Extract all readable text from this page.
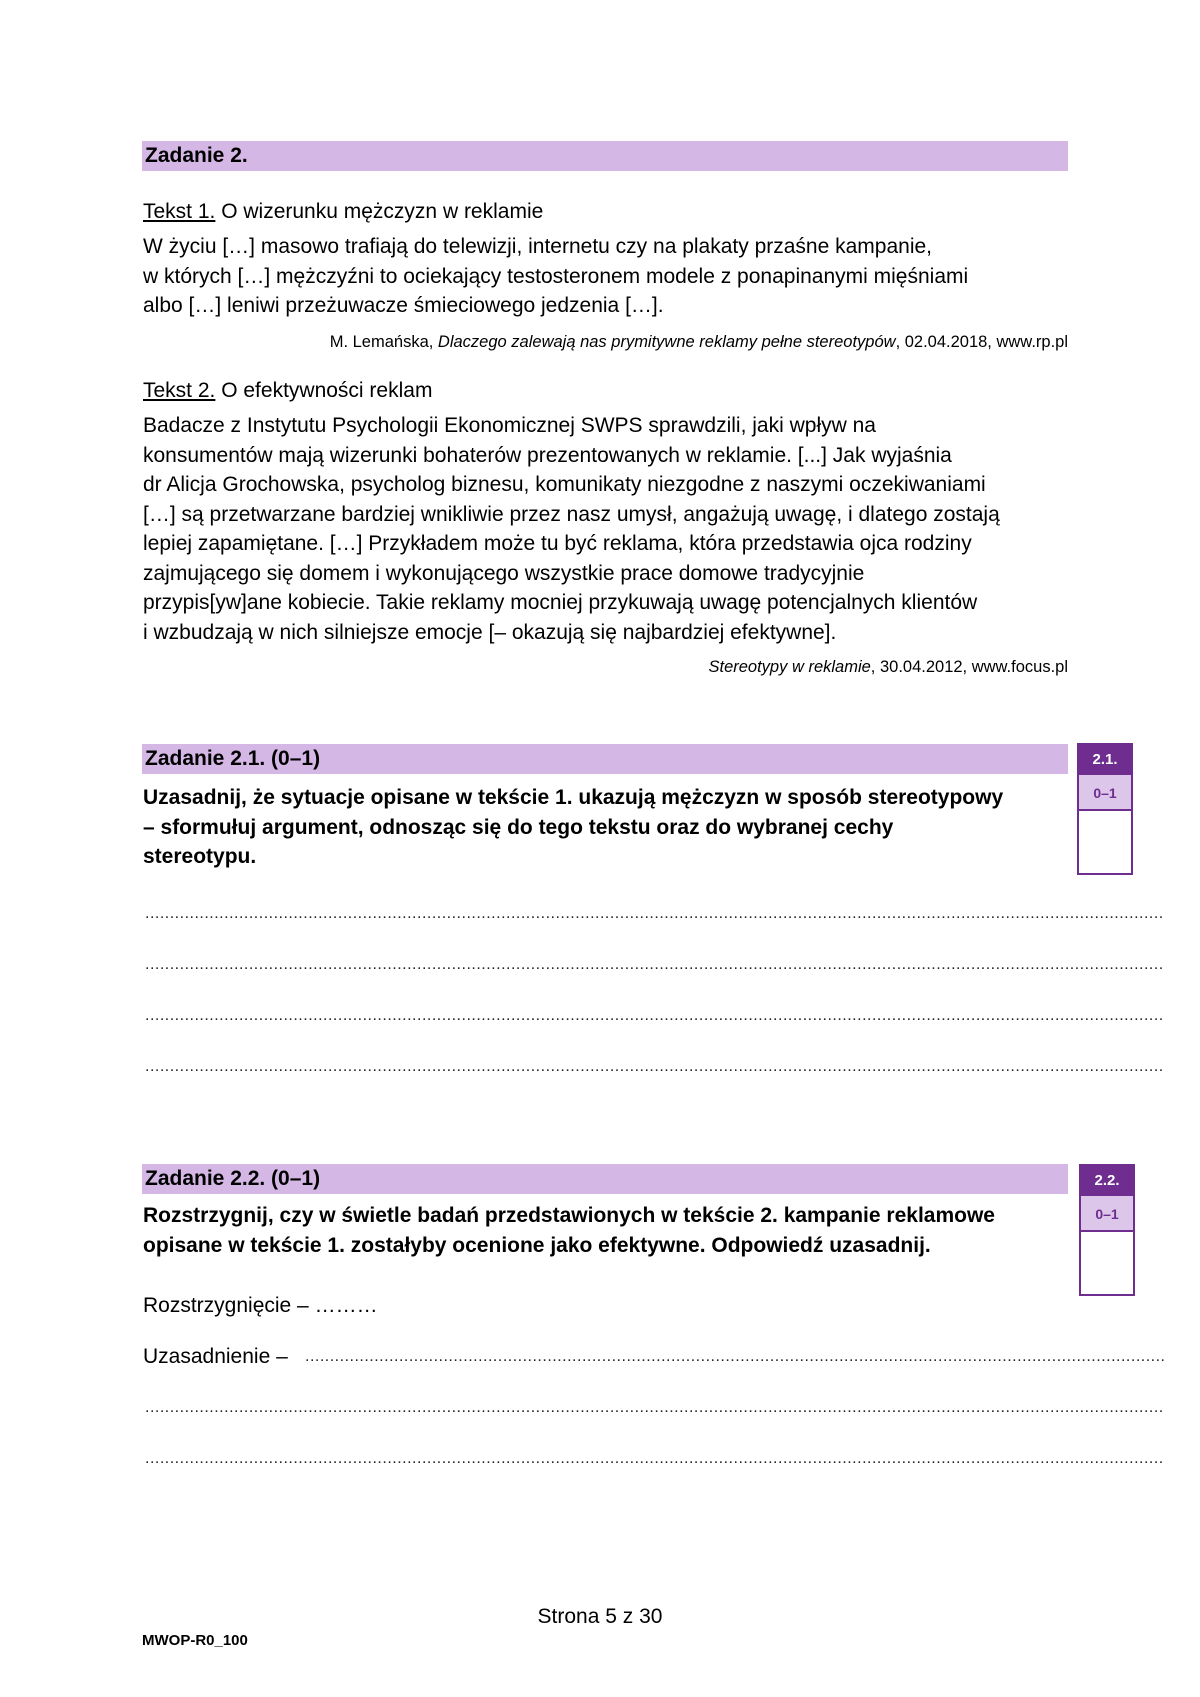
Zadanie 2.
Tekst 1. O wizerunku mężczyzn w reklamie
W życiu […] masowo trafiają do telewizji, internetu czy na plakaty przaśne kampanie,
w których […] mężczyźni to ociekający testosteronem modele z ponapinanymi mięśniami
albo […] leniwi przeżuwacze śmieciowego jedzenia […].
M. Lemańska, Dlaczego zalewają nas prymitywne reklamy pełne stereotypów, 02.04.2018, www.rp.pl
Tekst 2. O efektywności reklam
Badacze z Instytutu Psychologii Ekonomicznej SWPS sprawdzili, jaki wpływ na
konsumentów mają wizerunki bohaterów prezentowanych w reklamie. [...] Jak wyjaśnia
dr Alicja Grochowska, psycholog biznesu, komunikaty niezgodne z naszymi oczekiwaniami
[…] są przetwarzane bardziej wnikliwie przez nasz umysł, angażują uwagę, i dlatego zostają
lepiej zapamiętane. […] Przykładem może tu być reklama, która przedstawia ojca rodziny
zajmującego się domem i wykonującego wszystkie prace domowe tradycyjnie
przypis[yw]ane kobiecie. Takie reklamy mocniej przykuwają uwagę potencjalnych klientów
i wzbudzają w nich silniejsze emocje [– okazują się najbardziej efektywne].
Stereotypy w reklamie, 30.04.2012, www.focus.pl
Zadanie 2.1. (0–1)	2.1.
0–1
Uzasadnij, że sytuacje opisane w tekście 1. ukazują mężczyzn w sposób stereotypowy
– sformułuj argument, odnosząc się do tego tekstu oraz do wybranej cechy
stereotypu.
..............................................................................................................................................................................................................
..............................................................................................................................................................................................................
..............................................................................................................................................................................................................
..............................................................................................................................................................................................................
Zadanie 2.2. (0–1)	2.2.
0–1
Rozstrzygnij, czy w świetle badań przedstawionych w tekście 2. kampanie reklamowe
opisane w tekście 1. zostałyby ocenione jako efektywne. Odpowiedź uzasadnij.
Rozstrzygnięcie – ………
Uzasadnienie – ..............................................................................................................................................................................
..............................................................................................................................................................................................................
..............................................................................................................................................................................................................
Strona 5 z 30
MWOP-R0_100
